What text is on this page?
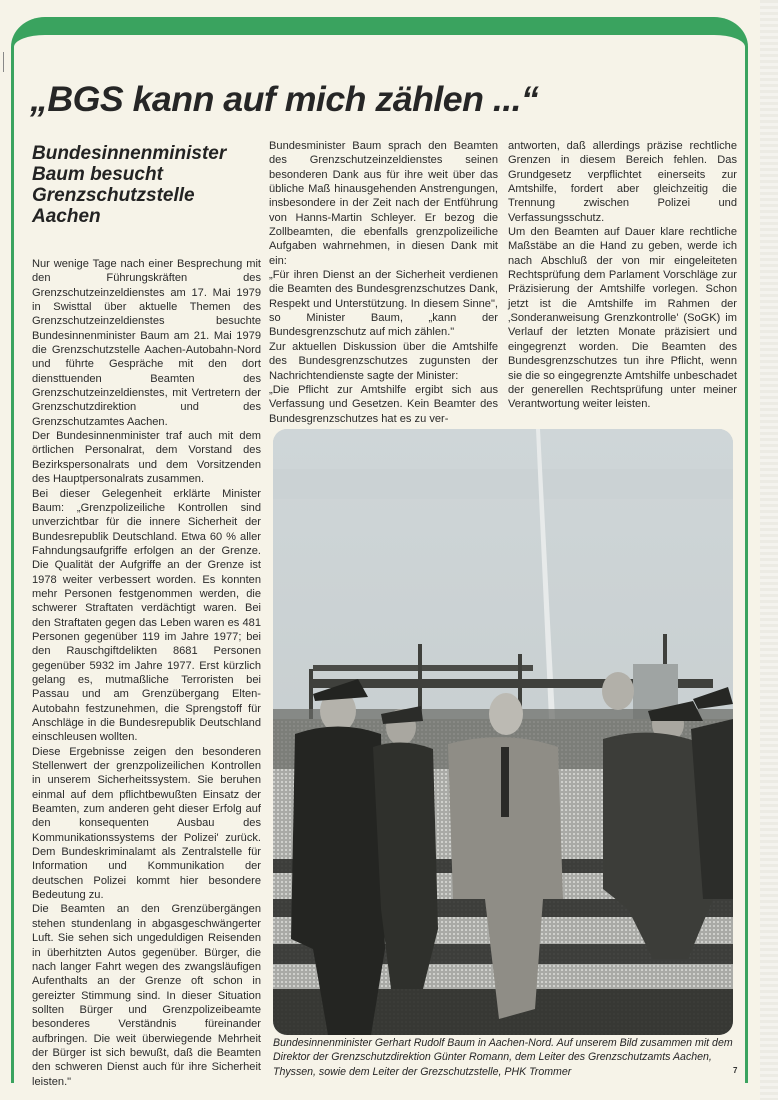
„BGS kann auf mich zählen ...“
Bundesinnenminister Baum besucht Grenzschutzstelle Aachen

Nur wenige Tage nach einer Besprechung mit den Führungskräften des Grenzschutzeinzeldienstes am 17. Mai 1979 in Swisttal über aktuelle Themen des Grenzschutzeinzeldienstes besuchte Bundesinnenminister Baum am 21. Mai 1979 die Grenzschutzstelle Aachen-Autobahn-Nord und führte Gespräche mit den dort diensttuenden Beamten des Grenzschutzeinzeldienstes, mit Vertretern der Grenzschutzdirektion und des Grenzschutzamtes Aachen.

Der Bundesinnenminister traf auch mit dem örtlichen Personalrat, dem Vorstand des Bezirkspersonalrats und dem Vorsitzenden des Hauptpersonalrats zusammen.

Bei dieser Gelegenheit erklärte Minister Baum: „Grenzpolizeiliche Kontrollen sind unverzichtbar für die innere Sicherheit der Bundesrepublik Deutschland. Etwa 60 % aller Fahndungsaufgriffe erfolgen an der Grenze. Die Qualität der Aufgriffe an der Grenze ist 1978 weiter verbessert worden. Es konnten mehr Personen festgenommen werden, die schwerer Straftaten verdächtigt waren. Bei den Straftaten gegen das Leben waren es 481 Personen gegenüber 119 im Jahre 1977; bei den Rauschgiftdelikten 8681 Personen gegenüber 5932 im Jahre 1977. Erst kürzlich gelang es, mutmaßliche Terroristen bei Passau und am Grenzübergang Elten-Autobahn festzunehmen, die Sprengstoff für Anschläge in die Bundesrepublik Deutschland einschleusen wollten.

Diese Ergebnisse zeigen den besonderen Stellenwert der grenzpolizeilichen Kontrollen in unserem Sicherheitssystem. Sie beruhen einmal auf dem pflichtbewußten Einsatz der Beamten, zum anderen geht dieser Erfolg auf den konsequenten Ausbau des Kommunikationssystems der Polizei' zurück. Dem Bundeskriminalamt als Zentralstelle für Information und Kommunikation der deutschen Polizei kommt hier besondere Bedeutung zu.

Die Beamten an den Grenzübergängen stehen stundenlang in abgasgeschwängerter Luft. Sie sehen sich ungeduldigen Reisenden in überhitzten Autos gegenüber. Bürger, die nach langer Fahrt wegen des zwangsläufigen Aufenthalts an der Grenze oft schon in gereizter Stimmung sind. In dieser Situation sollten Bürger und Grenzpolizeibeamte besonderes Verständnis füreinander aufbringen. Die weit überwiegende Mehrheit der Bürger ist sich bewußt, daß die Beamten den schweren Dienst auch für ihre Sicherheit leisten."

Bundesminister Baum sprach den Beamten des Grenzschutzeinzeldienstes seinen besonderen Dank aus für ihre weit über das übliche Maß hinausgehenden Anstrengungen, insbesondere in der Zeit nach der Entführung von Hanns-Martin Schleyer. Er bezog die Zollbeamten, die ebenfalls grenzpolizeiliche Aufgaben wahrnehmen, in diesen Dank mit ein:

„Für ihren Dienst an der Sicherheit verdienen die Beamten des Bundesgrenzschutzes Dank, Respekt und Unterstützung. In diesem Sinne", so Minister Baum, „kann der Bundesgrenzschutz auf mich zählen."

Zur aktuellen Diskussion über die Amtshilfe des Bundesgrenzschutzes zugunsten der Nachrichtendienste sagte der Minister:

„Die Pflicht zur Amtshilfe ergibt sich aus Verfassung und Gesetzen. Kein Beamter des Bundesgrenzschutzes hat es zu ver-

antworten, daß allerdings präzise rechtliche Grenzen in diesem Bereich fehlen. Das Grundgesetz verpflichtet einerseits zur Amtshilfe, fordert aber gleichzeitig die Trennung zwischen Polizei und Verfassungsschutz.

Um den Beamten auf Dauer klare rechtliche Maßstäbe an die Hand zu geben, werde ich nach Abschluß der von mir eingeleiteten Rechtsprüfung dem Parlament Vorschläge zur Präzisierung der Amtshilfe vorlegen. Schon jetzt ist die Amtshilfe im Rahmen der ‚Sonderanweisung Grenzkontrolle' (SoGK) im Verlauf der letzten Monate präzisiert und eingegrenzt worden. Die Beamten des Bundesgrenzschutzes tun ihre Pflicht, wenn sie die so eingegrenzte Amtshilfe unbeschadet der generellen Rechtsprüfung unter meiner Verantwortung weiter leisten.

Bundesinnenminister Gerhart Rudolf Baum in Aachen-Nord. Auf unserem Bild zusammen mit dem Direktor der Grenzschutzdirektion Günter Romann, dem Leiter des Grenzschutzamts Aachen, Thyssen, sowie dem Leiter der Grezschutzstelle, PHK Trommer	7
